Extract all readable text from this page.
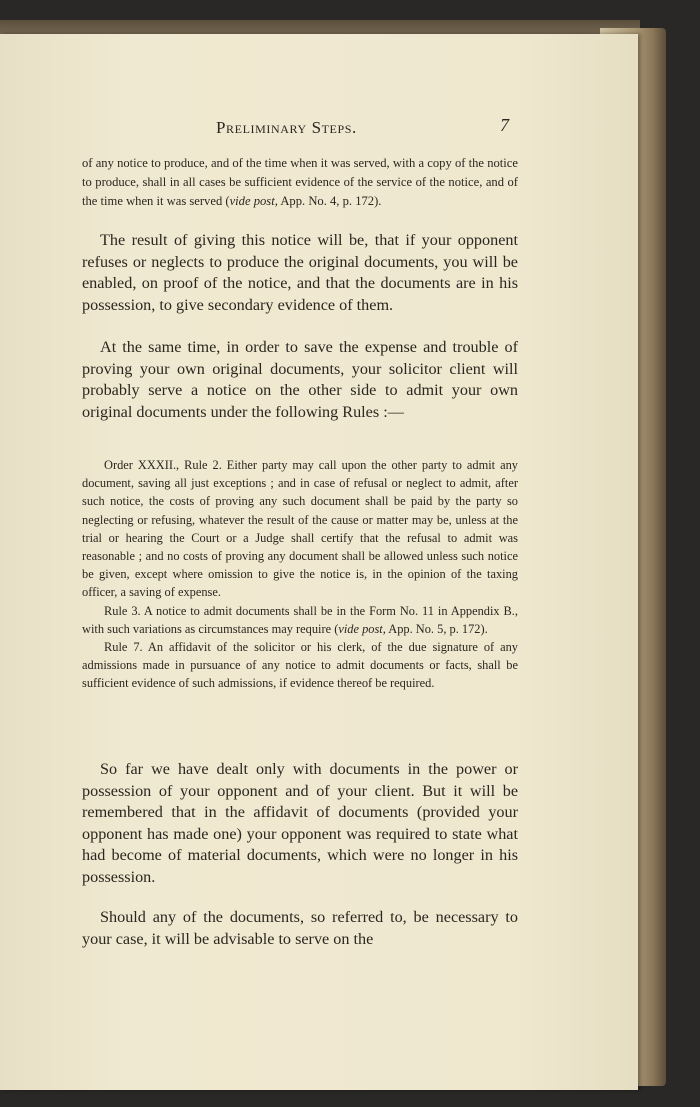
Preliminary Steps.	7

of any notice to produce, and of the time when it was served, with a copy of the notice to produce, shall in all cases be sufficient evidence of the service of the notice, and of the time when it was served (vide post, App. No. 4, p. 172).

The result of giving this notice will be, that if your opponent refuses or neglects to produce the original documents, you will be enabled, on proof of the notice, and that the documents are in his possession, to give secondary evidence of them.

At the same time, in order to save the expense and trouble of proving your own original documents, your solicitor client will probably serve a notice on the other side to admit your own original documents under the following Rules :—

Order XXXII., Rule 2. Either party may call upon the other party to admit any document, saving all just exceptions ; and in case of refusal or neglect to admit, after such notice, the costs of proving any such document shall be paid by the party so neglecting or refusing, whatever the result of the cause or matter may be, unless at the trial or hearing the Court or a Judge shall certify that the refusal to admit was reasonable ; and no costs of proving any document shall be allowed unless such notice be given, except where omission to give the notice is, in the opinion of the taxing officer, a saving of expense.

Rule 3. A notice to admit documents shall be in the Form No. 11 in Appendix B., with such variations as circumstances may require (vide post, App. No. 5, p. 172).

Rule 7. An affidavit of the solicitor or his clerk, of the due signature of any admissions made in pursuance of any notice to admit documents or facts, shall be sufficient evidence of such admissions, if evidence thereof be required.

So far we have dealt only with documents in the power or possession of your opponent and of your client. But it will be remembered that in the affidavit of documents (provided your opponent has made one) your opponent was required to state what had become of material documents, which were no longer in his possession.

Should any of the documents, so referred to, be necessary to your case, it will be advisable to serve on the
